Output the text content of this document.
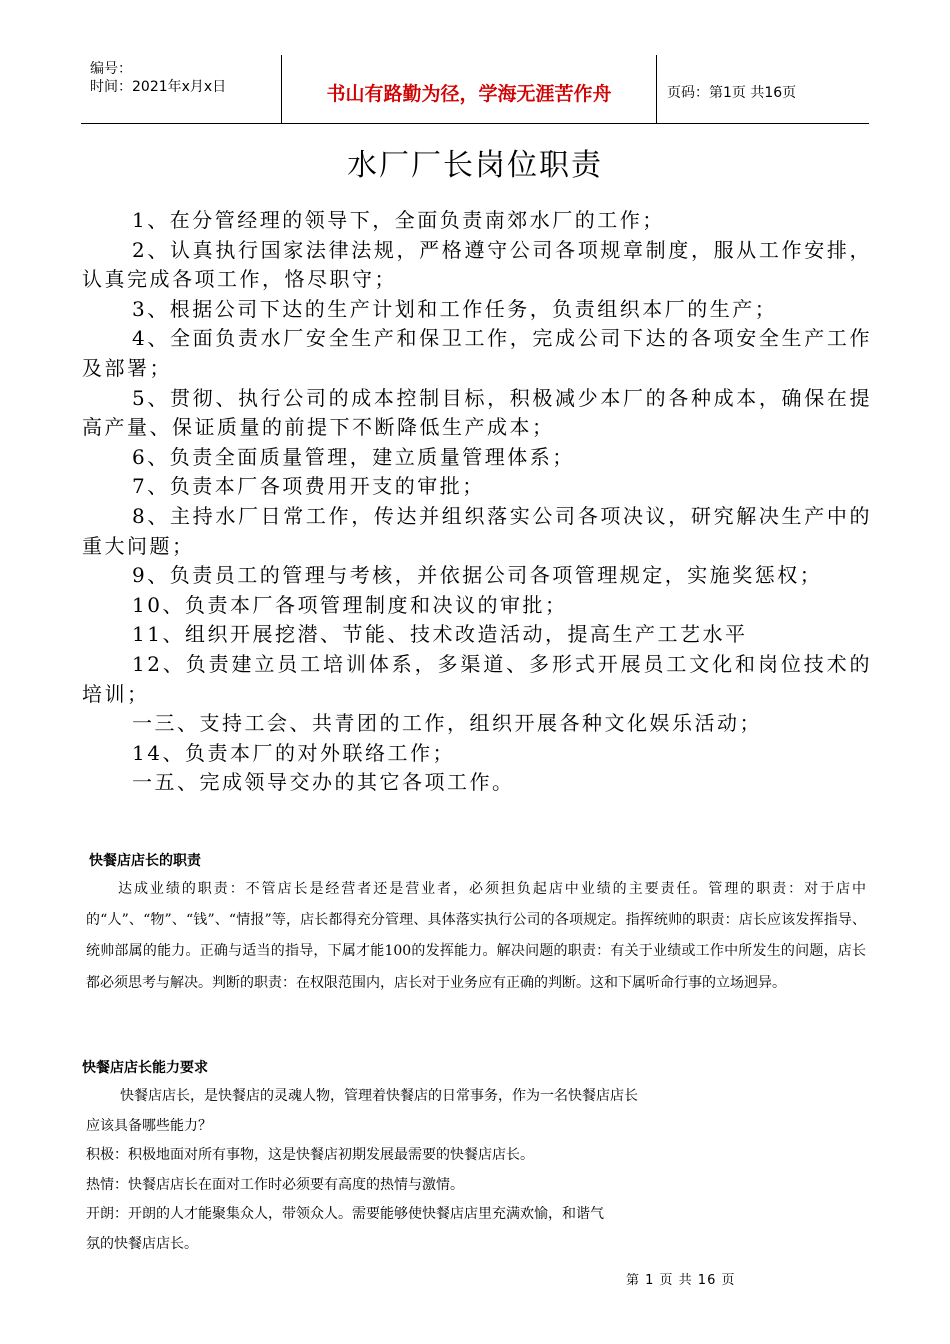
编号：
时间：2021年x月x日	书山有路勤为径，学海无涯苦作舟	页码：第1页 共16页
水厂厂长岗位职责

1、在分管经理的领导下，全面负责南郊水厂的工作；

2、认真执行国家法律法规，严格遵守公司各项规章制度，服从工作安排，认真完成各项工作，恪尽职守；

3、根据公司下达的生产计划和工作任务，负责组织本厂的生产；

4、全面负责水厂安全生产和保卫工作，完成公司下达的各项安全生产工作及部署；

5、贯彻、执行公司的成本控制目标，积极减少本厂的各种成本，确保在提高产量、保证质量的前提下不断降低生产成本；

6、负责全面质量管理，建立质量管理体系；

7、负责本厂各项费用开支的审批；

8、主持水厂日常工作，传达并组织落实公司各项决议，研究解决生产中的重大问题；

9、负责员工的管理与考核，并依据公司各项管理规定，实施奖惩权；

10、负责本厂各项管理制度和决议的审批；

11、组织开展挖潜、节能、技术改造活动，提高生产工艺水平

12、负责建立员工培训体系，多渠道、多形式开展员工文化和岗位技术的培训；

一三、支持工会、共青团的工作，组织开展各种文化娱乐活动；

14、负责本厂的对外联络工作；

一五、完成领导交办的其它各项工作。

快餐店店长的职责

达成业绩的职责：不管店长是经营者还是营业者，必须担负起店中业绩的主要责任。管理的职责：对于店中的“人”、“物”、“钱”、“情报”等，店长都得充分管理、具体落实执行公司的各项规定。指挥统帅的职责：店长应该发挥指导、统帅部属的能力。正确与适当的指导，下属才能100的发挥能力。解决问题的职责：有关于业绩或工作中所发生的问题，店长都必须思考与解决。判断的职责：在权限范围内，店长对于业务应有正确的判断。这和下属听命行事的立场迥异。

快餐店店长能力要求

快餐店店长，是快餐店的灵魂人物，管理着快餐店的日常事务，作为一名快餐店店长

应该具备哪些能力？

积极：积极地面对所有事物，这是快餐店初期发展最需要的快餐店店长。

热情：快餐店店长在面对工作时必须要有高度的热情与激情。

开朗：开朗的人才能聚集众人，带领众人。需要能够使快餐店店里充满欢愉，和谐气

氛的快餐店店长。

第 1 页 共 16 页
